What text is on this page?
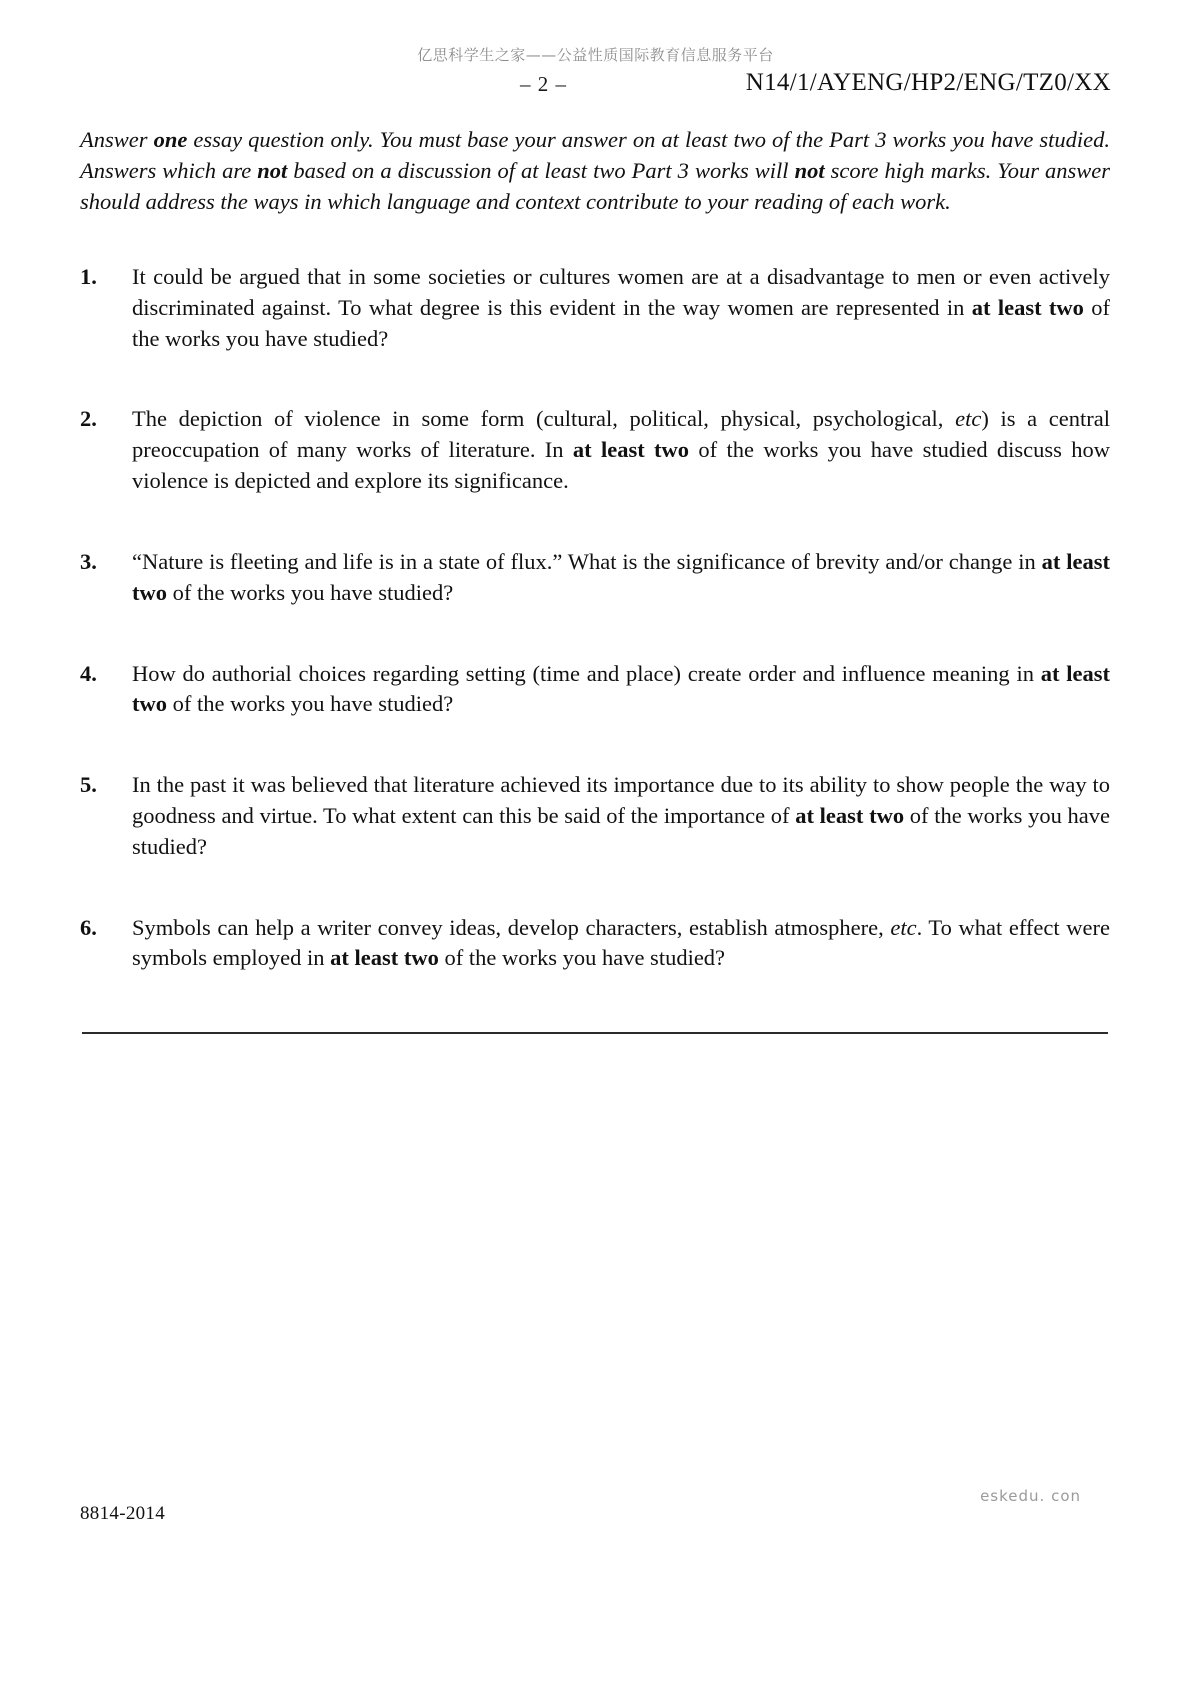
亿思科学生之家——公益性质国际教育信息服务平台
– 2 –	N14/1/AYENG/HP2/ENG/TZ0/XX
Answer one essay question only. You must base your answer on at least two of the Part 3 works you have studied. Answers which are not based on a discussion of at least two Part 3 works will not score high marks. Your answer should address the ways in which language and context contribute to your reading of each work.
1. It could be argued that in some societies or cultures women are at a disadvantage to men or even actively discriminated against. To what degree is this evident in the way women are represented in at least two of the works you have studied?
2. The depiction of violence in some form (cultural, political, physical, psychological, etc) is a central preoccupation of many works of literature. In at least two of the works you have studied discuss how violence is depicted and explore its significance.
3. “Nature is fleeting and life is in a state of flux.” What is the significance of brevity and/or change in at least two of the works you have studied?
4. How do authorial choices regarding setting (time and place) create order and influence meaning in at least two of the works you have studied?
5. In the past it was believed that literature achieved its importance due to its ability to show people the way to goodness and virtue. To what extent can this be said of the importance of at least two of the works you have studied?
6. Symbols can help a writer convey ideas, develop characters, establish atmosphere, etc. To what effect were symbols employed in at least two of the works you have studied?
8814-2014
eskedu. con
